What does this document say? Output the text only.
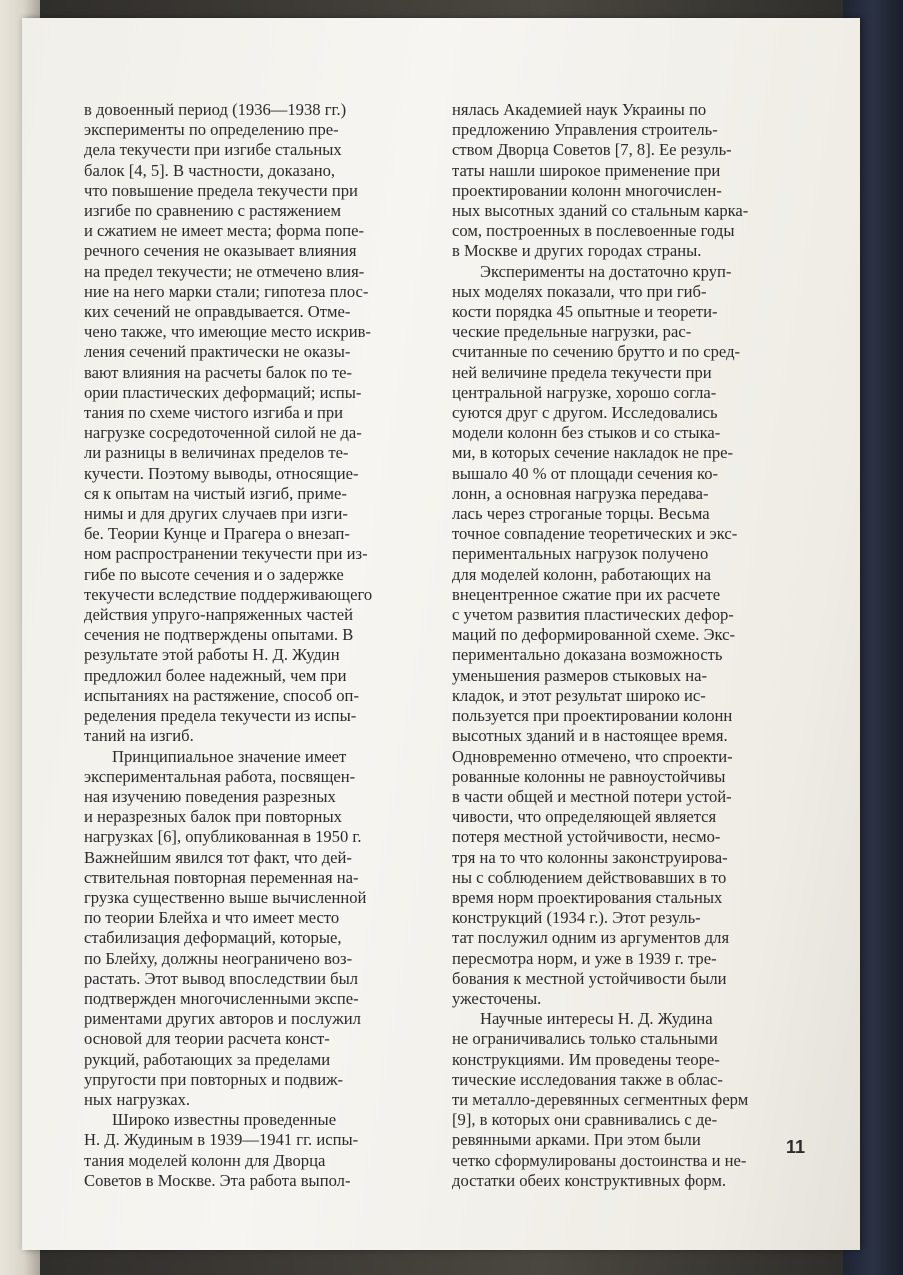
в довоенный период (1936—1938 гг.)
эксперименты по определению пре-
дела текучести при изгибе стальных
балок [4, 5]. В частности, доказано,
что повышение предела текучести при
изгибе по сравнению с растяжением
и сжатием не имеет места; форма попе-
речного сечения не оказывает влияния
на предел текучести; не отмечено влия-
ние на него марки стали; гипотеза плос-
ких сечений не оправдывается. Отме-
чено также, что имеющие место искрив-
ления сечений практически не оказы-
вают влияния на расчеты балок по те-
ории пластических деформаций; испы-
тания по схеме чистого изгиба и при
нагрузке сосредоточенной силой не да-
ли разницы в величинах пределов те-
кучести. Поэтому выводы, относящие-
ся к опытам на чистый изгиб, приме-
нимы и для других случаев при изги-
бе. Теории Кунце и Прагера о внезап-
ном распространении текучести при из-
гибе по высоте сечения и о задержке
текучести вследствие поддерживающего
действия упруго-напряженных частей
сечения не подтверждены опытами. В
результате этой работы Н. Д. Жудин
предложил более надежный, чем при
испытаниях на растяжение, способ оп-
ределения предела текучести из испы-
таний на изгиб.

Принципиальное значение имеет
экспериментальная работа, посвящен-
ная изучению поведения разрезных
и неразрезных балок при повторных
нагрузках [6], опубликованная в 1950 г.
Важнейшим явился тот факт, что дей-
ствительная повторная переменная на-
грузка существенно выше вычисленной
по теории Блейха и что имеет место
стабилизация деформаций, которые,
по Блейху, должны неограничено воз-
растать. Этот вывод впоследствии был
подтвержден многочисленными экспе-
риментами других авторов и послужил
основой для теории расчета конст-
рукций, работающих за пределами
упругости при повторных и подвиж-
ных нагрузках.

Широко известны проведенные
Н. Д. Жудиным в 1939—1941 гг. испы-
тания моделей колонн для Дворца
Советов в Москве. Эта работа выпол-

нялась Академией наук Украины по
предложению Управления строитель-
ством Дворца Советов [7, 8]. Ее резуль-
таты нашли широкое применение при
проектировании колонн многочислен-
ных высотных зданий со стальным карка-
сом, построенных в послевоенные годы
в Москве и других городах страны.

Эксперименты на достаточно круп-
ных моделях показали, что при гиб-
кости порядка 45 опытные и теорети-
ческие предельные нагрузки, рас-
считанные по сечению брутто и по сред-
ней величине предела текучести при
центральной нагрузке, хорошо согла-
суются друг с другом. Исследовались
модели колонн без стыков и со стыка-
ми, в которых сечение накладок не пре-
вышало 40 % от площади сечения ко-
лонн, а основная нагрузка передава-
лась через строганые торцы. Весьма
точное совпадение теоретических и экс-
периментальных нагрузок получено
для моделей колонн, работающих на
внецентренное сжатие при их расчете
с учетом развития пластических дефор-
маций по деформированной схеме. Экс-
периментально доказана возможность
уменьшения размеров стыковых на-
кладок, и этот результат широко ис-
пользуется при проектировании колонн
высотных зданий и в настоящее время.
Одновременно отмечено, что спроекти-
рованные колонны не равноустойчивы
в части общей и местной потери устой-
чивости, что определяющей является
потеря местной устойчивости, несмо-
тря на то что колонны законструирова-
ны с соблюдением действовавших в то
время норм проектирования стальных
конструкций (1934 г.). Этот резуль-
тат послужил одним из аргументов для
пересмотра норм, и уже в 1939 г. тре-
бования к местной устойчивости были
ужесточены.

Научные интересы Н. Д. Жудина
не ограничивались только стальными
конструкциями. Им проведены теоре-
тические исследования также в облас-
ти металло-деревянных сегментных ферм
[9], в которых они сравнивались с де-
ревянными арками. При этом были
четко сформулированы достоинства и не-
достатки обеих конструктивных форм.

11
